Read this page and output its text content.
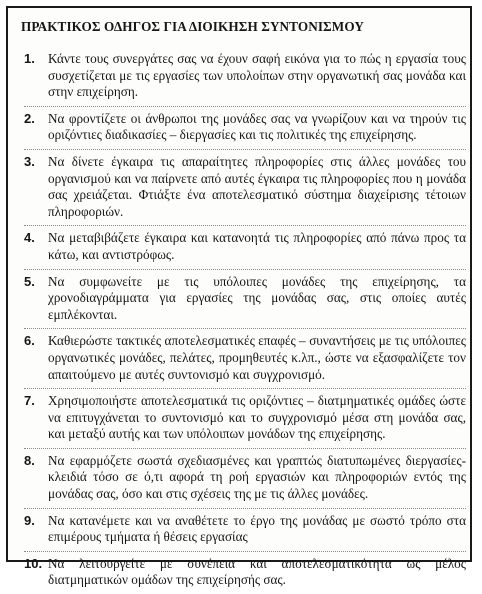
ΠΡΑΚΤΙΚΟΣ ΟΔΗΓΟΣ ΓΙΑ ΔΙΟΙΚΗΣΗ ΣΥΝΤΟΝΙΣΜΟΥ
1. Κάντε τους συνεργάτες σας να έχουν σαφή εικόνα για το πώς η εργασία τους συσχετίζεται με τις εργασίες των υπολοίπων στην οργανωτική σας μονάδα και στην επιχείρηση.
2. Να φροντίζετε οι άνθρωποι της μονάδες σας να γνωρίζουν και να τηρούν τις οριζόντιες διαδικασίες – διεργασίες και τις πολιτικές της επιχείρησης.
3. Να δίνετε έγκαιρα τις απαραίτητες πληροφορίες στις άλλες μονάδες του οργανισμού και να παίρνετε από αυτές έγκαιρα τις πληροφορίες που η μονάδα σας χρειάζεται. Φτιάξτε ένα αποτελεσματικό σύστημα διαχείρισης τέτοιων πληροφοριών.
4. Να μεταβιβάζετε έγκαιρα και κατανοητά τις πληροφορίες από πάνω προς τα κάτω, και αντιστρόφως.
5. Να συμφωνείτε με τις υπόλοιπες μονάδες της επιχείρησης, τα χρονοδιαγράμματα για εργασίες της μονάδας σας, στις οποίες αυτές εμπλέκονται.
6. Καθιερώστε τακτικές αποτελεσματικές επαφές – συναντήσεις με τις υπόλοιπες οργανωτικές μονάδες, πελάτες, προμηθευτές κ.λπ., ώστε να εξασφαλίζετε τον απαιτούμενο με αυτές συντονισμό και συγχρονισμό.
7. Χρησιμοποιήστε αποτελεσματικά τις οριζόντιες – διατμηματικές ομάδες ώστε να επιτυγχάνεται το συντονισμό και το συγχρονισμό μέσα στη μονάδα σας, και μεταξύ αυτής και των υπόλοιπων μονάδων της επιχείρησης.
8. Να εφαρμόζετε σωστά σχεδιασμένες και γραπτώς διατυπωμένες διεργασίες-κλειδιά τόσο σε ό,τι αφορά τη ροή εργασιών και πληροφοριών εντός της μονάδας σας, όσο και στις σχέσεις της με τις άλλες μονάδες.
9. Να κατανέμετε και να αναθέτετε το έργο της μονάδας με σωστό τρόπο στα επιμέρους τμήματα ή θέσεις εργασίας
10. Να λειτουργείτε με συνέπεια και αποτελεσματικότητα ως μέλος διατμηματικών ομάδων της επιχείρησής σας.
